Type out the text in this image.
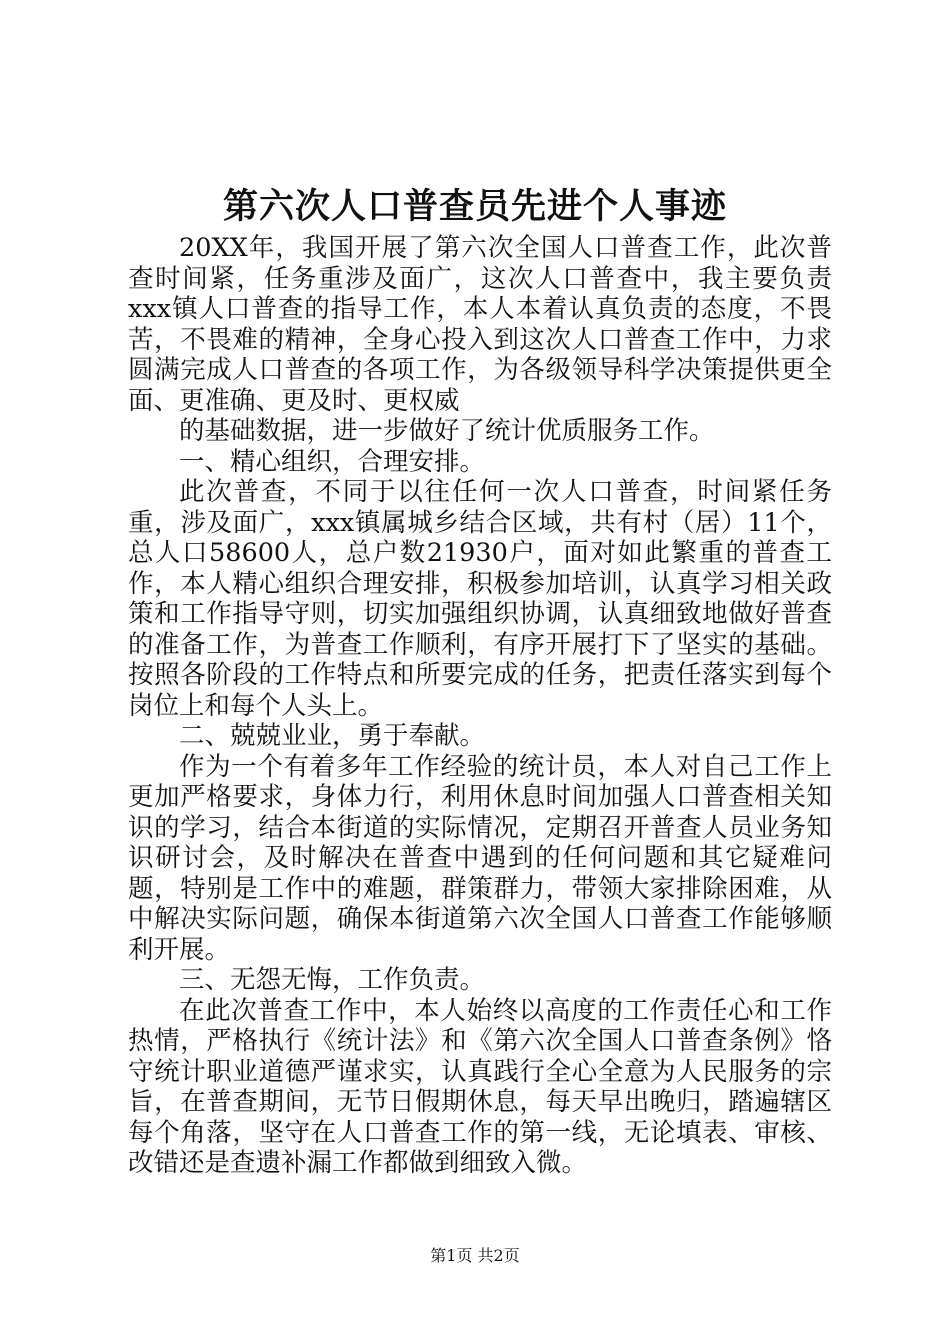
第六次人口普查员先进个人事迹

20XX年，我国开展了第六次全国人口普查工作，此次普查时间紧，任务重涉及面广，这次人口普查中，我主要负责xxx镇人口普查的指导工作，本人本着认真负责的态度，不畏苦，不畏难的精神，全身心投入到这次人口普查工作中，力求圆满完成人口普查的各项工作，为各级领导科学决策提供更全面、更准确、更及时、更权威

的基础数据，进一步做好了统计优质服务工作。

一、精心组织，合理安排。

此次普查，不同于以往任何一次人口普查，时间紧任务重，涉及面广，xxx镇属城乡结合区域，共有村（居）11个，总人口58600人，总户数21930户，面对如此繁重的普查工作，本人精心组织合理安排，积极参加培训，认真学习相关政策和工作指导守则，切实加强组织协调，认真细致地做好普查的准备工作，为普查工作顺利，有序开展打下了坚实的基础。按照各阶段的工作特点和所要完成的任务，把责任落实到每个岗位上和每个人头上。

二、兢兢业业，勇于奉献。

作为一个有着多年工作经验的统计员，本人对自己工作上更加严格要求，身体力行，利用休息时间加强人口普查相关知识的学习，结合本街道的实际情况，定期召开普查人员业务知识研讨会，及时解决在普查中遇到的任何问题和其它疑难问题，特别是工作中的难题，群策群力，带领大家排除困难，从中解决实际问题，确保本街道第六次全国人口普查工作能够顺利开展。

三、无怨无悔，工作负责。

在此次普查工作中，本人始终以高度的工作责任心和工作热情，严格执行《统计法》和《第六次全国人口普查条例》恪守统计职业道德严谨求实，认真践行全心全意为人民服务的宗旨，在普查期间，无节日假期休息，每天早出晚归，踏遍辖区每个角落，坚守在人口普查工作的第一线，无论填表、审核、改错还是查遗补漏工作都做到细致入微。

第1页 共2页
